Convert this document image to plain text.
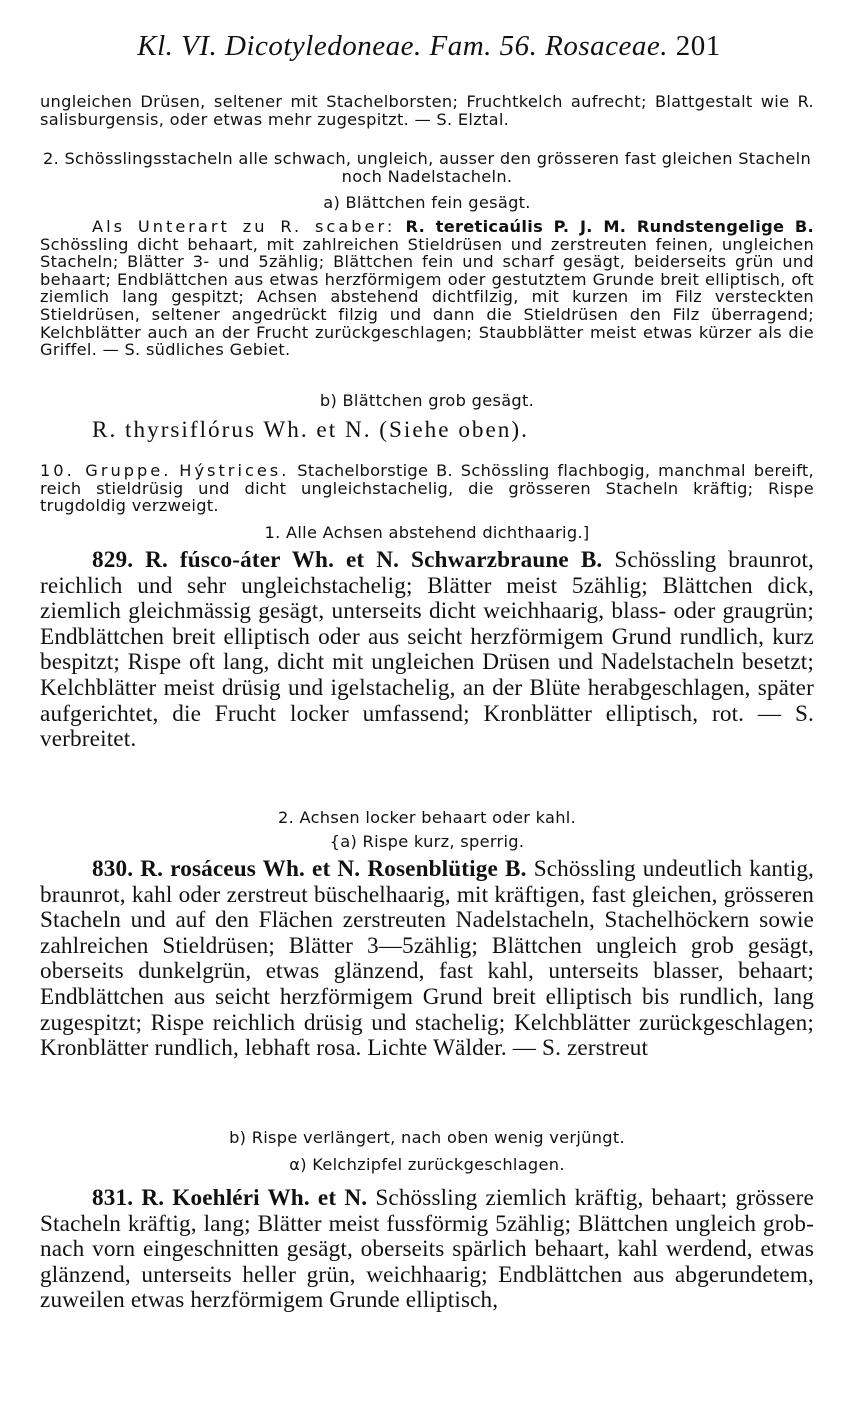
Kl. VI. Dicotyledoneae. Fam. 56. Rosaceae. 201

ungleichen Drüsen, seltener mit Stachelborsten; Fruchtkelch aufrecht; Blattgestalt wie R. salisburgensis, oder etwas mehr zugespitzt. — S. Elztal.

2. Schösslingsstacheln alle schwach, ungleich, ausser den grösseren fast gleichen Stacheln noch Nadelstacheln.

a) Blättchen fein gesägt.

Als Unterart zu R. scaber: R. tereticaúlis P. J. M. Rundstengelige B. Schössling dicht behaart, mit zahlreichen Stieldrüsen und zerstreuten feinen, ungleichen Stacheln; Blätter 3- und 5zählig; Blättchen fein und scharf gesägt, beiderseits grün und behaart; Endblättchen aus etwas herzförmigem oder gestutztem Grunde breit elliptisch, oft ziemlich lang gespitzt; Achsen abstehend dichtfilzig, mit kurzen im Filz versteckten Stieldrüsen, seltener angedrückt filzig und dann die Stieldrüsen den Filz überragend; Kelchblätter auch an der Frucht zurückgeschlagen; Staubblätter meist etwas kürzer als die Griffel. — S. südliches Gebiet.

b) Blättchen grob gesägt.

R. thyrsiflórus Wh. et N. (Siehe oben).

10. Gruppe. Hýstrices. Stachelborstige B. Schössling flachbogig, manchmal bereift, reich stieldrüsig und dicht ungleichstachelig, die grösseren Stacheln kräftig; Rispe trugdoldig verzweigt.

1. Alle Achsen abstehend dichthaarig.]

829. R. fúsco-áter Wh. et N. Schwarzbraune B. Schössling braunrot, reichlich und sehr ungleichstachelig; Blätter meist 5zählig; Blättchen dick, ziemlich gleichmässig gesägt, unterseits dicht weichhaarig, blass- oder graugrün; Endblättchen breit elliptisch oder aus seicht herzförmigem Grund rundlich, kurz bespitzt; Rispe oft lang, dicht mit ungleichen Drüsen und Nadelstacheln besetzt; Kelchblätter meist drüsig und igelstachelig, an der Blüte herabgeschlagen, später aufgerichtet, die Frucht locker umfassend; Kronblätter elliptisch, rot. — S. verbreitet.

2. Achsen locker behaart oder kahl.
{a) Rispe kurz, sperrig.

830. R. rosáceus Wh. et N. Rosenblütige B. Schössling undeutlich kantig, braunrot, kahl oder zerstreut büschelhaarig, mit kräftigen, fast gleichen, grösseren Stacheln und auf den Flächen zerstreuten Nadelstacheln, Stachelhöckern sowie zahlreichen Stieldrüsen; Blätter 3—5zählig; Blättchen ungleich grob gesägt, oberseits dunkelgrün, etwas glänzend, fast kahl, unterseits blasser, behaart; Endblättchen aus seicht herzförmigem Grund breit elliptisch bis rundlich, lang zugespitzt; Rispe reichlich drüsig und stachelig; Kelchblätter zurückgeschlagen; Kronblätter rundlich, lebhaft rosa. Lichte Wälder. — S. zerstreut

b) Rispe verlängert, nach oben wenig verjüngt.
α) Kelchzipfel zurückgeschlagen.

831. R. Koehléri Wh. et N. Schössling ziemlich kräftig, behaart; grössere Stacheln kräftig, lang; Blätter meist fussförmig 5zählig; Blättchen ungleich grob- nach vorn eingeschnitten gesägt, oberseits spärlich behaart, kahl werdend, etwas glänzend, unterseits heller grün, weichhaarig; Endblättchen aus abgerundetem, zuweilen etwas herzförmigem Grunde elliptisch,
